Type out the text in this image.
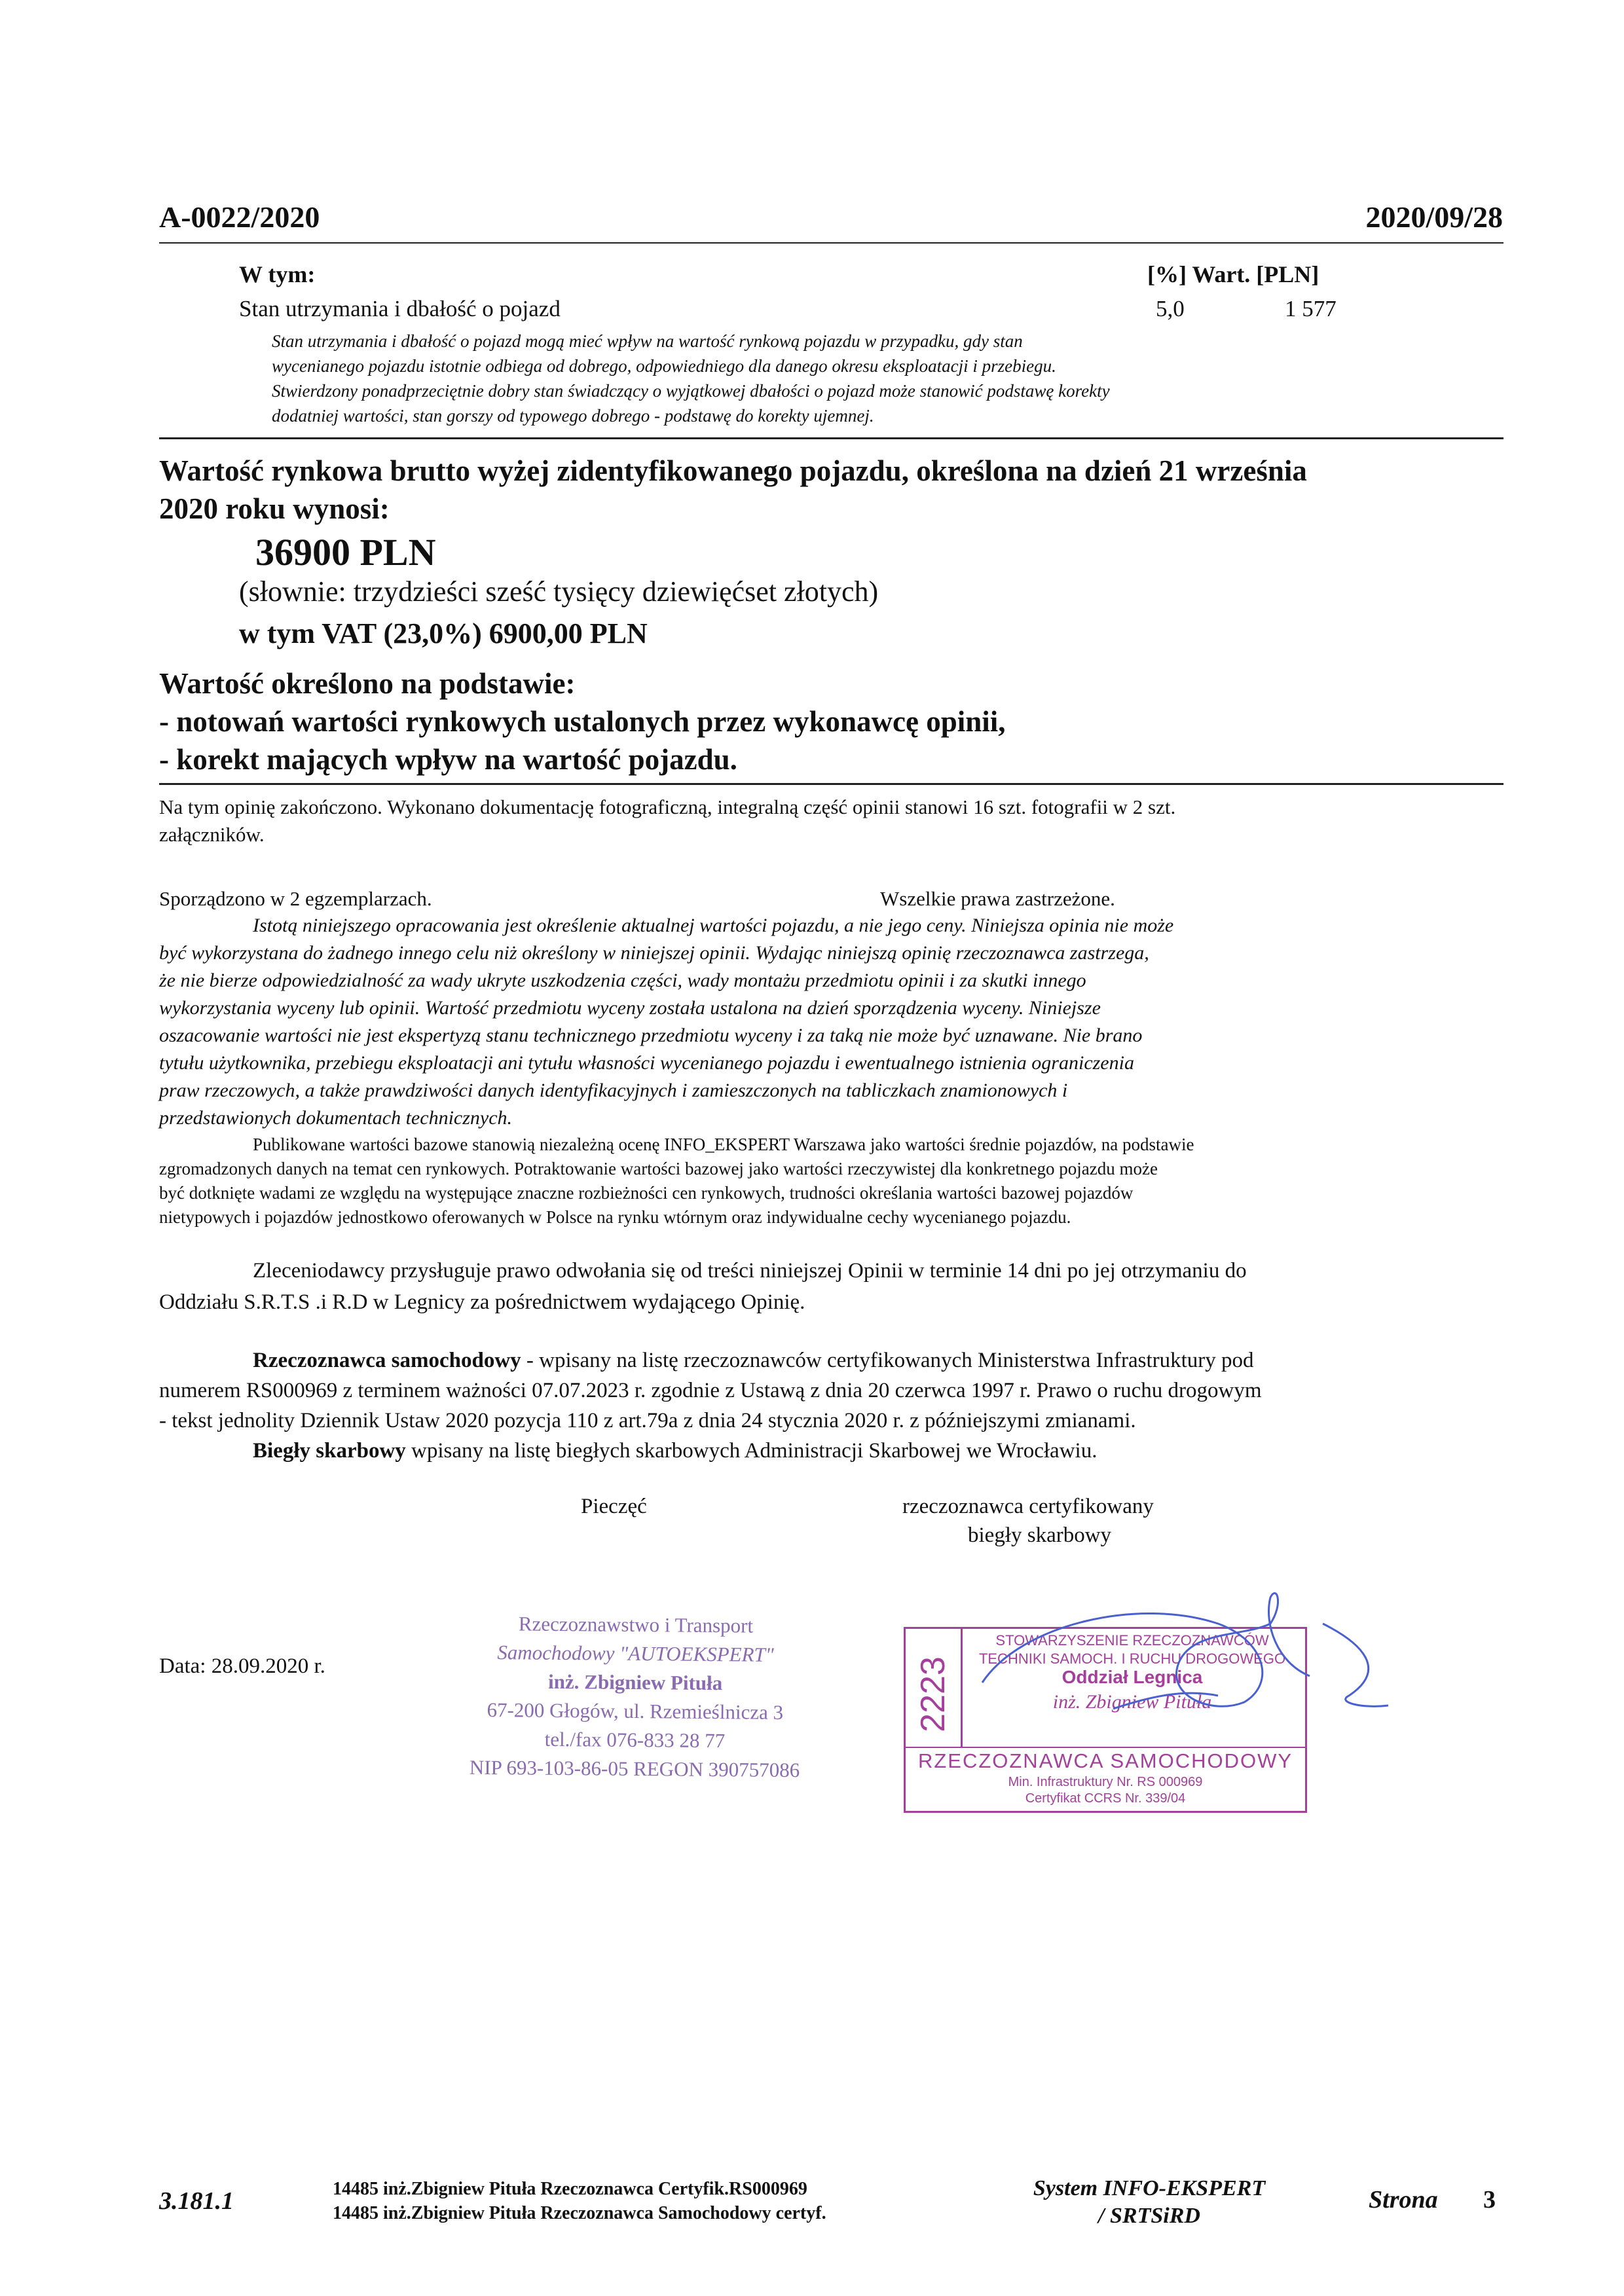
A-0022/2020	2020/09/28
W tym:	[%] Wart. [PLN]
Stan utrzymania i dbałość o pojazd	5,0	1 577
Stan utrzymania i dbałość o pojazd mogą mieć wpływ na wartość rynkową pojazdu w przypadku, gdy stan
wycenianego pojazdu istotnie odbiega od dobrego, odpowiedniego dla danego okresu eksploatacji i przebiegu.
Stwierdzony ponadprzeciętnie dobry stan świadczący o wyjątkowej dbałości o pojazd może stanowić podstawę korekty
dodatniej wartości, stan gorszy od typowego dobrego - podstawę do korekty ujemnej.
Wartość rynkowa brutto wyżej zidentyfikowanego pojazdu, określona na dzień 21 września
2020 roku wynosi:
36900 PLN
(słownie: trzydzieści sześć tysięcy dziewięćset złotych)
w tym VAT (23,0%) 6900,00 PLN
Wartość określono na podstawie:
- notowań wartości rynkowych ustalonych przez wykonawcę opinii,
- korekt mających wpływ na wartość pojazdu.
Na tym opinię zakończono. Wykonano dokumentację fotograficzną, integralną część opinii stanowi 16 szt. fotografii w 2 szt.
załączników.
Sporządzono w 2 egzemplarzach.	Wszelkie prawa zastrzeżone.
Istotą niniejszego opracowania jest określenie aktualnej wartości pojazdu, a nie jego ceny. Niniejsza opinia nie może
być wykorzystana do żadnego innego celu niż określony w niniejszej opinii. Wydając niniejszą opinię rzeczoznawca zastrzega,
że nie bierze odpowiedzialność za wady ukryte uszkodzenia części, wady montażu przedmiotu opinii i za skutki innego
wykorzystania wyceny lub opinii. Wartość przedmiotu wyceny została ustalona na dzień sporządzenia wyceny. Niniejsze
oszacowanie wartości nie jest ekspertyzą stanu technicznego przedmiotu wyceny i za taką nie może być uznawane. Nie brano
tytułu użytkownika, przebiegu eksploatacji ani tytułu własności wycenianego pojazdu i ewentualnego istnienia ograniczenia
praw rzeczowych, a także prawdziwości danych identyfikacyjnych i zamieszczonych na tabliczkach znamionowych i
przedstawionych dokumentach technicznych.
Publikowane wartości bazowe stanowią niezależną ocenę INFO_EKSPERT Warszawa jako wartości średnie pojazdów, na podstawie
zgromadzonych danych na temat cen rynkowych. Potraktowanie wartości bazowej jako wartości rzeczywistej dla konkretnego pojazdu może
być dotknięte wadami ze względu na występujące znaczne rozbieżności cen rynkowych, trudności określania wartości bazowej pojazdów
nietypowych i pojazdów jednostkowo oferowanych w Polsce na rynku wtórnym oraz indywidualne cechy wycenianego pojazdu.
Zleceniodawcy przysługuje prawo odwołania się od treści niniejszej Opinii w terminie 14 dni po jej otrzymaniu do
Oddziału S.R.T.S .i R.D w Legnicy za pośrednictwem wydającego Opinię.
Rzeczoznawca samochodowy - wpisany na listę rzeczoznawców certyfikowanych Ministerstwa Infrastruktury pod
numerem RS000969 z terminem ważności 07.07.2023 r. zgodnie z Ustawą z dnia 20 czerwca 1997 r. Prawo o ruchu drogowym
- tekst jednolity Dziennik Ustaw 2020 pozycja 110 z art.79a z dnia 24 stycznia 2020 r. z późniejszymi zmianami.
Biegły skarbowy wpisany na listę biegłych skarbowych Administracji Skarbowej we Wrocławiu.
Pieczęć	rzeczoznawca certyfikowany
biegły skarbowy
Data: 28.09.2020 r.
Rzeczoznawstwo i Transport
Samochodowy "AUTOEKSPERT"
inż. Zbigniew Pituła
67-200 Głogów, ul. Rzemieślnicza 3
tel./fax 076-833 28 77
NIP 693-103-86-05 REGON 390757086
2223
STOWARZYSZENIE RZECZOZNAWCÓW
TECHNIKI SAMOCH. I RUCHU DROGOWEGO
Oddział Legnica
inż. Zbigniew Pituła
RZECZOZNAWCA SAMOCHODOWY
Min. Infrastruktury Nr. RS 000969
Certyfikat CCRS Nr. 339/04
3.181.1	14485 inż.Zbigniew Pituła Rzeczoznawca Certyfik.RS000969
14485 inż.Zbigniew Pituła Rzeczoznawca Samochodowy certyf.
System INFO-EKSPERT
/ SRTSiRD
Strona 3
